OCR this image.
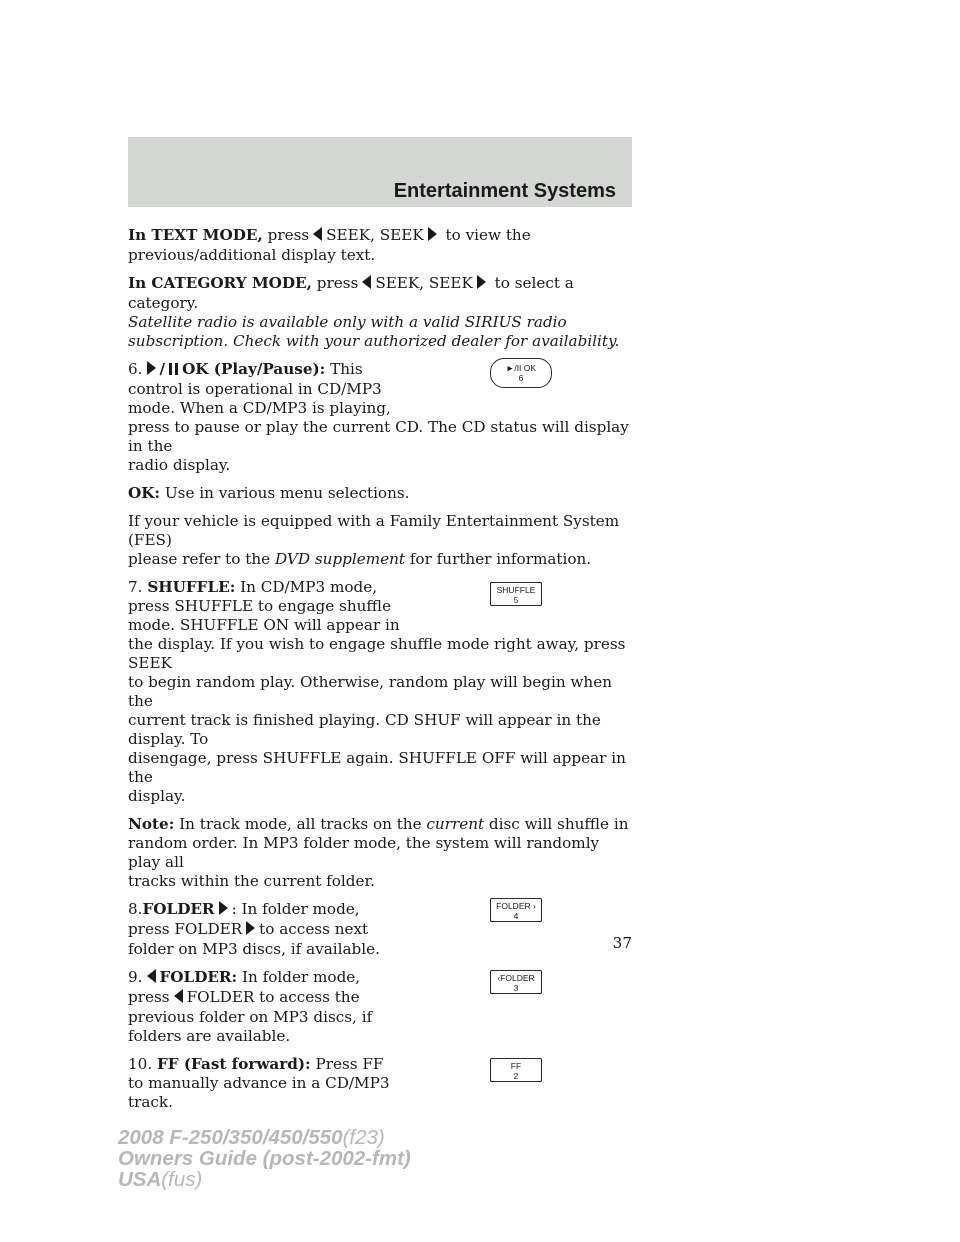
Entertainment Systems

In TEXT MODE, press SEEK, SEEK to view the
previous/additional display text.

In CATEGORY MODE, press SEEK, SEEK to select a
category.

Satellite radio is available only with a valid SIRIUS radio
subscription. Check with your authorized dealer for availability.

6. / OK (Play/Pause): This
control is operational in CD/MP3
mode. When a CD/MP3 is playing,
press to pause or play the current CD. The CD status will display in the
radio display.

►/II OK
6

OK: Use in various menu selections.

If your vehicle is equipped with a Family Entertainment System (FES)
please refer to the DVD supplement for further information.

7. SHUFFLE: In CD/MP3 mode,
press SHUFFLE to engage shuffle
mode. SHUFFLE ON will appear in
the display. If you wish to engage shuffle mode right away, press SEEK
to begin random play. Otherwise, random play will begin when the
current track is finished playing. CD SHUF will appear in the display. To
disengage, press SHUFFLE again. SHUFFLE OFF will appear in the
display.

SHUFFLE
5

Note: In track mode, all tracks on the current disc will shuffle in
random order. In MP3 folder mode, the system will randomly play all
tracks within the current folder.

8.FOLDER : In folder mode,
press FOLDER to access next
folder on MP3 discs, if available.

FOLDER ›
4

9. FOLDER: In folder mode,
press FOLDER to access the
previous folder on MP3 discs, if
folders are available.

‹FOLDER
3

10. FF (Fast forward): Press FF
to manually advance in a CD/MP3
track.

FF
2
37
2008 F-250/350/450/550(f23)
Owners Guide (post-2002-fmt)
USA(fus)
